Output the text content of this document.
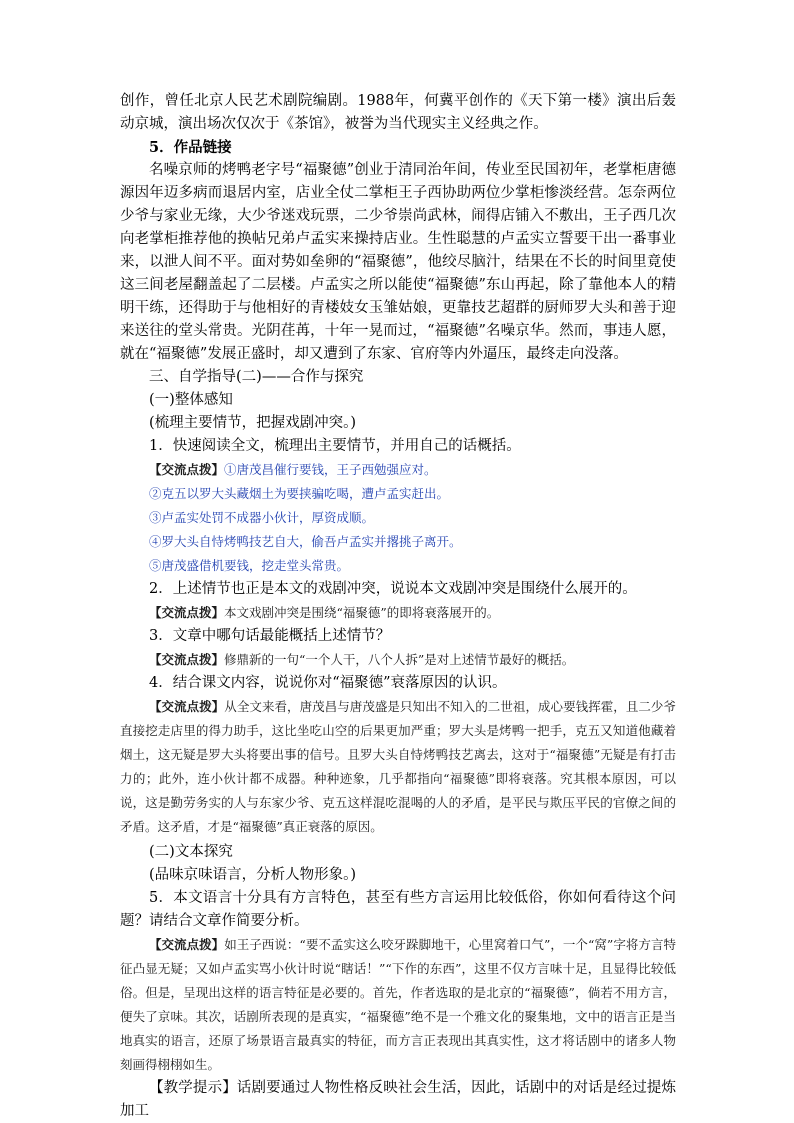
创作，曾任北京人民艺术剧院编剧。1988年，何冀平创作的《天下第一楼》演出后轰动京城，演出场次仅次于《茶馆》，被誉为当代现实主义经典之作。

5．作品链接

名噪京师的烤鸭老字号“福聚德”创业于清同治年间，传业至民国初年，老掌柜唐德源因年迈多病而退居内室，店业全仗二掌柜王子西协助两位少掌柜惨淡经营。怎奈两位少爷与家业无缘，大少爷迷戏玩票，二少爷崇尚武林，闹得店铺入不敷出，王子西几次向老掌柜推荐他的换帖兄弟卢孟实来操持店业。生性聪慧的卢孟实立誓要干出一番事业来，以泄人间不平。面对势如垒卵的“福聚德”，他绞尽脑汁，结果在不长的时间里竟使这三间老屋翻盖起了二层楼。卢孟实之所以能使“福聚德”东山再起，除了靠他本人的精明干练，还得助于与他相好的青楼妓女玉雏姑娘，更靠技艺超群的厨师罗大头和善于迎来送往的堂头常贵。光阴荏苒，十年一晃而过，“福聚德”名噪京华。然而，事违人愿，就在“福聚德”发展正盛时，却又遭到了东家、官府等内外逼压，最终走向没落。

三、自学指导(二)——合作与探究

(一)整体感知

(梳理主要情节，把握戏剧冲突。)

1．快速阅读全文，梳理出主要情节，并用自己的话概括。

【交流点拨】①唐茂昌催行要钱，王子西勉强应对。

②克五以罗大头藏烟土为要挟骗吃喝，遭卢孟实赶出。

③卢孟实处罚不成器小伙计，厚资成顺。

④罗大头自恃烤鸭技艺自大，偷吾卢孟实并撂挑子离开。

⑤唐茂盛借机要钱，挖走堂头常贵。

2．上述情节也正是本文的戏剧冲突，说说本文戏剧冲突是围绕什么展开的。

【交流点拨】本文戏剧冲突是围绕“福聚德”的即将衰落展开的。

3．文章中哪句话最能概括上述情节？

【交流点拨】修鼎新的一句“一个人干，八个人拆”是对上述情节最好的概括。

4．结合课文内容，说说你对“福聚德”衰落原因的认识。

【交流点拨】从全文来看，唐茂昌与唐茂盛是只知出不知入的二世祖，成心要钱挥霍，且二少爷直接挖走店里的得力助手，这比坐吃山空的后果更加严重；罗大头是烤鸭一把手，克五又知道他藏着烟土，这无疑是罗大头将要出事的信号。且罗大头自恃烤鸭技艺离去，这对于“福聚德”无疑是有打击力的；此外，连小伙计都不成器。种种迹象，几乎都指向“福聚德”即将衰落。究其根本原因，可以说，这是勤劳务实的人与东家少爷、克五这样混吃混喝的人的矛盾，是平民与欺压平民的官僚之间的矛盾。这矛盾，才是“福聚德”真正衰落的原因。

(二)文本探究

(品味京味语言，分析人物形象。)

5．本文语言十分具有方言特色，甚至有些方言运用比较低俗，你如何看待这个问题？请结合文章作简要分析。

【交流点拨】如王子西说：“要不孟实这么咬牙跺脚地干，心里窝着口气”，一个“窝”字将方言特征凸显无疑；又如卢孟实骂小伙计时说“瞎话！”“下作的东西”，这里不仅方言味十足，且显得比较低俗。但是，呈现出这样的语言特征是必要的。首先，作者选取的是北京的“福聚德”，倘若不用方言，便失了京味。其次，话剧所表现的是真实，“福聚德”绝不是一个雅文化的聚集地，文中的语言正是当地真实的语言，还原了场景语言最真实的特征，而方言正表现出其真实性，这才将话剧中的诸多人物刻画得栩栩如生。

【教学提示】话剧要通过人物性格反映社会生活，因此，话剧中的对话是经过提炼加工
